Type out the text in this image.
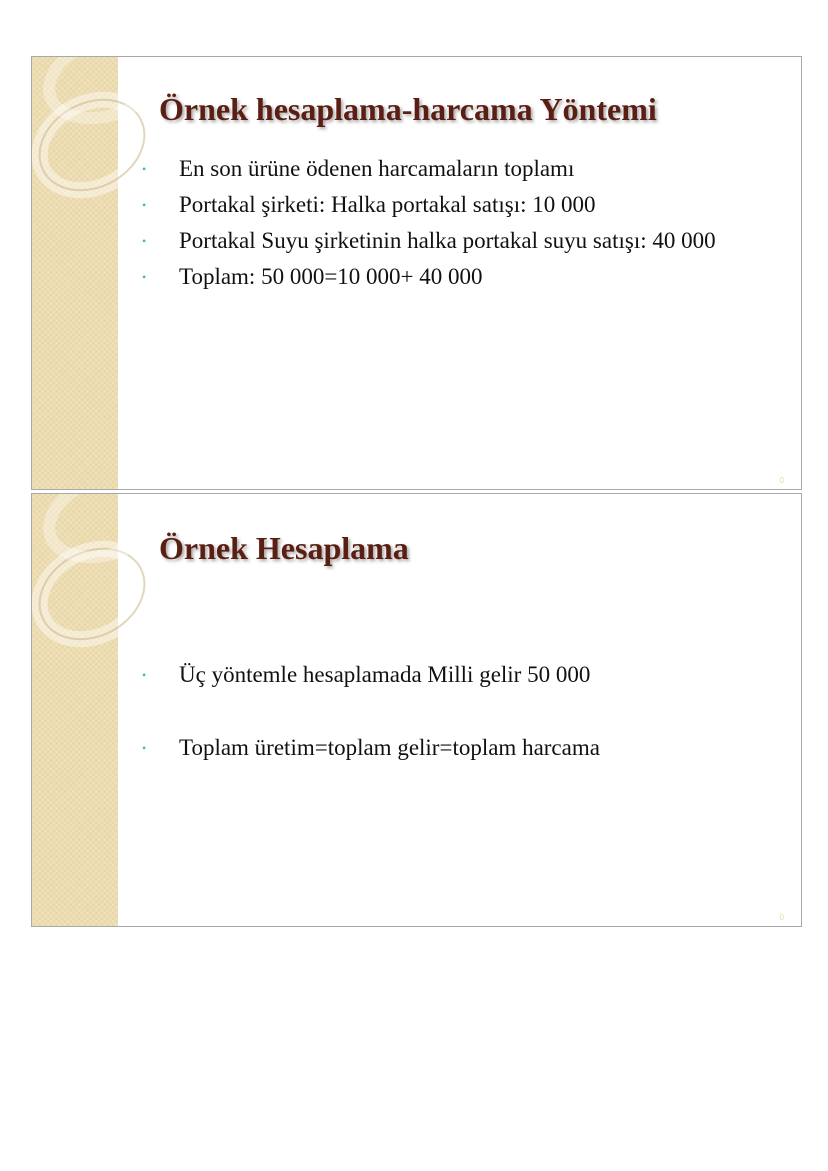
Örnek hesaplama-harcama Yöntemi
• En son ürüne ödenen harcamaların toplamı
• Portakal şirketi: Halka portakal satışı: 10 000
• Portakal Suyu şirketinin halka portakal suyu satışı: 40 000
• Toplam: 50 000=10 000+ 40 000
0
Örnek Hesaplama
• Üç yöntemle hesaplamada Milli gelir 50 000
• Toplam üretim=toplam gelir=toplam harcama
0
